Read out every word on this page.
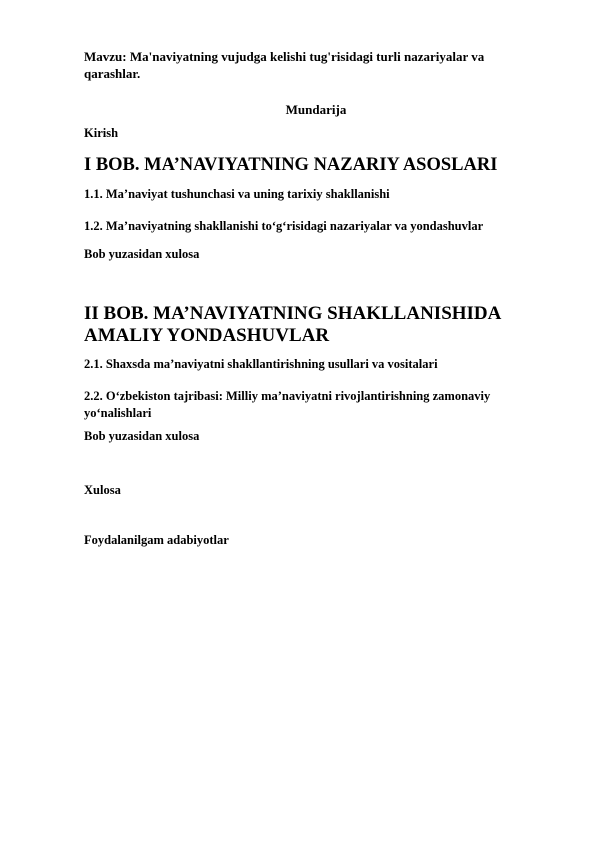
Mavzu: Ma'naviyatning vujudga kelishi tug'risidagi turli nazariyalar va qarashlar.
Mundarija
Kirish
I BOB. MA’NAVIYATNING NAZARIY ASOSLARI
1.1. Ma’naviyat tushunchasi va uning tarixiy shakllanishi
1.2. Ma’naviyatning shakllanishi to‘g‘risidagi nazariyalar va yondashuvlar
Bob yuzasidan xulosa
II BOB. MA’NAVIYATNING SHAKLLANISHIDA AMALIY YONDASHUVLAR
2.1. Shaxsda ma’naviyatni shakllantirishning usullari va vositalari
2.2. O‘zbekiston tajribasi: Milliy ma’naviyatni rivojlantirishning zamonaviy yo‘nalishlari
Bob yuzasidan xulosa
Xulosa
Foydalanilgam adabiyotlar
